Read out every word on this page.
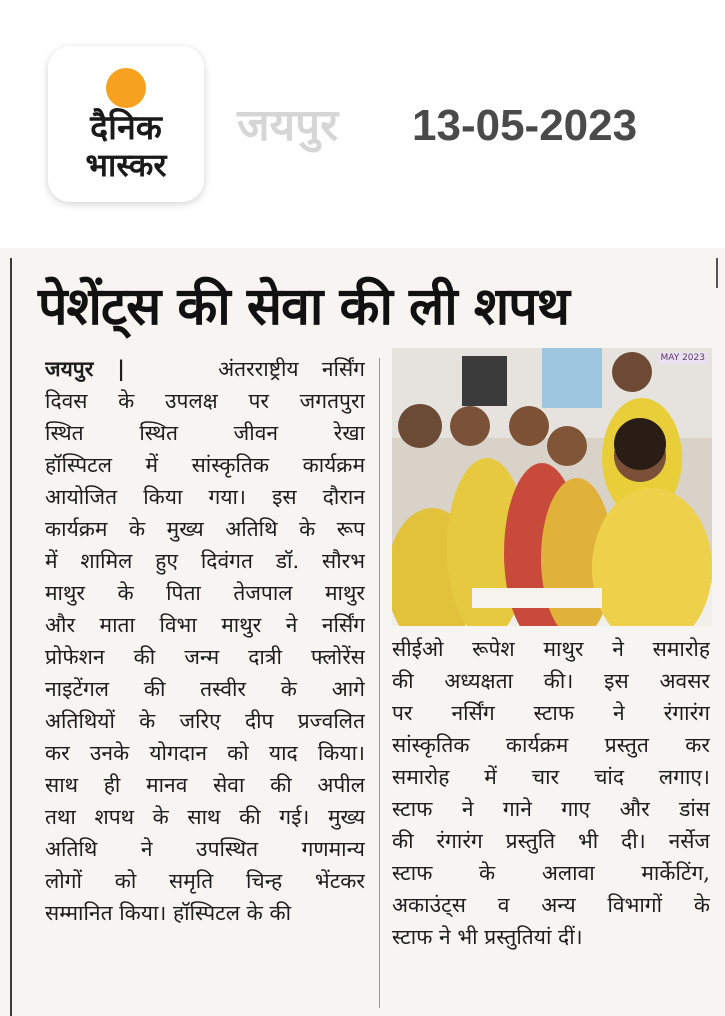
दैनिक
भास्कर
जयपुर 13-05-2023
पेशेंट्स की सेवा की ली शपथ
जयपुर |	अंतरराष्ट्रीय नर्सिंग
दिवस के उपलक्ष पर जगतपुरा
स्थित स्थित जीवन रेखा
हॉस्पिटल में सांस्कृतिक कार्यक्रम
आयोजित किया गया। इस दौरान
कार्यक्रम के मुख्य अतिथि के रूप
में शामिल हुए दिवंगत डॉ. सौरभ
माथुर के पिता तेजपाल माथुर
और माता विभा माथुर ने नर्सिंग
प्रोफेशन की जन्म दात्री फ्लोरेंस
नाइटेंगल की तस्वीर के आगे
अतिथियों के जरिए दीप प्रज्वलित
कर उनके योगदान को याद किया।
साथ ही मानव सेवा की अपील
तथा शपथ के साथ की गई। मुख्य
अतिथि ने उपस्थित गणमान्य
लोगों को समृति चिन्ह भेंटकर
सम्मानित किया। हॉस्पिटल के की
MAY 2023
सीईओ रूपेश माथुर ने समारोह
की अध्यक्षता की। इस अवसर
पर नर्सिंग स्टाफ ने रंगारंग
सांस्कृतिक कार्यक्रम प्रस्तुत कर
समारोह में चार चांद लगाए।
स्टाफ ने गाने गाए और डांस
की रंगारंग प्रस्तुति भी दी। नर्सेज
स्टाफ के अलावा मार्केटिंग,
अकाउंट्स व अन्य विभागों के
स्टाफ ने भी प्रस्तुतियां दीं।
